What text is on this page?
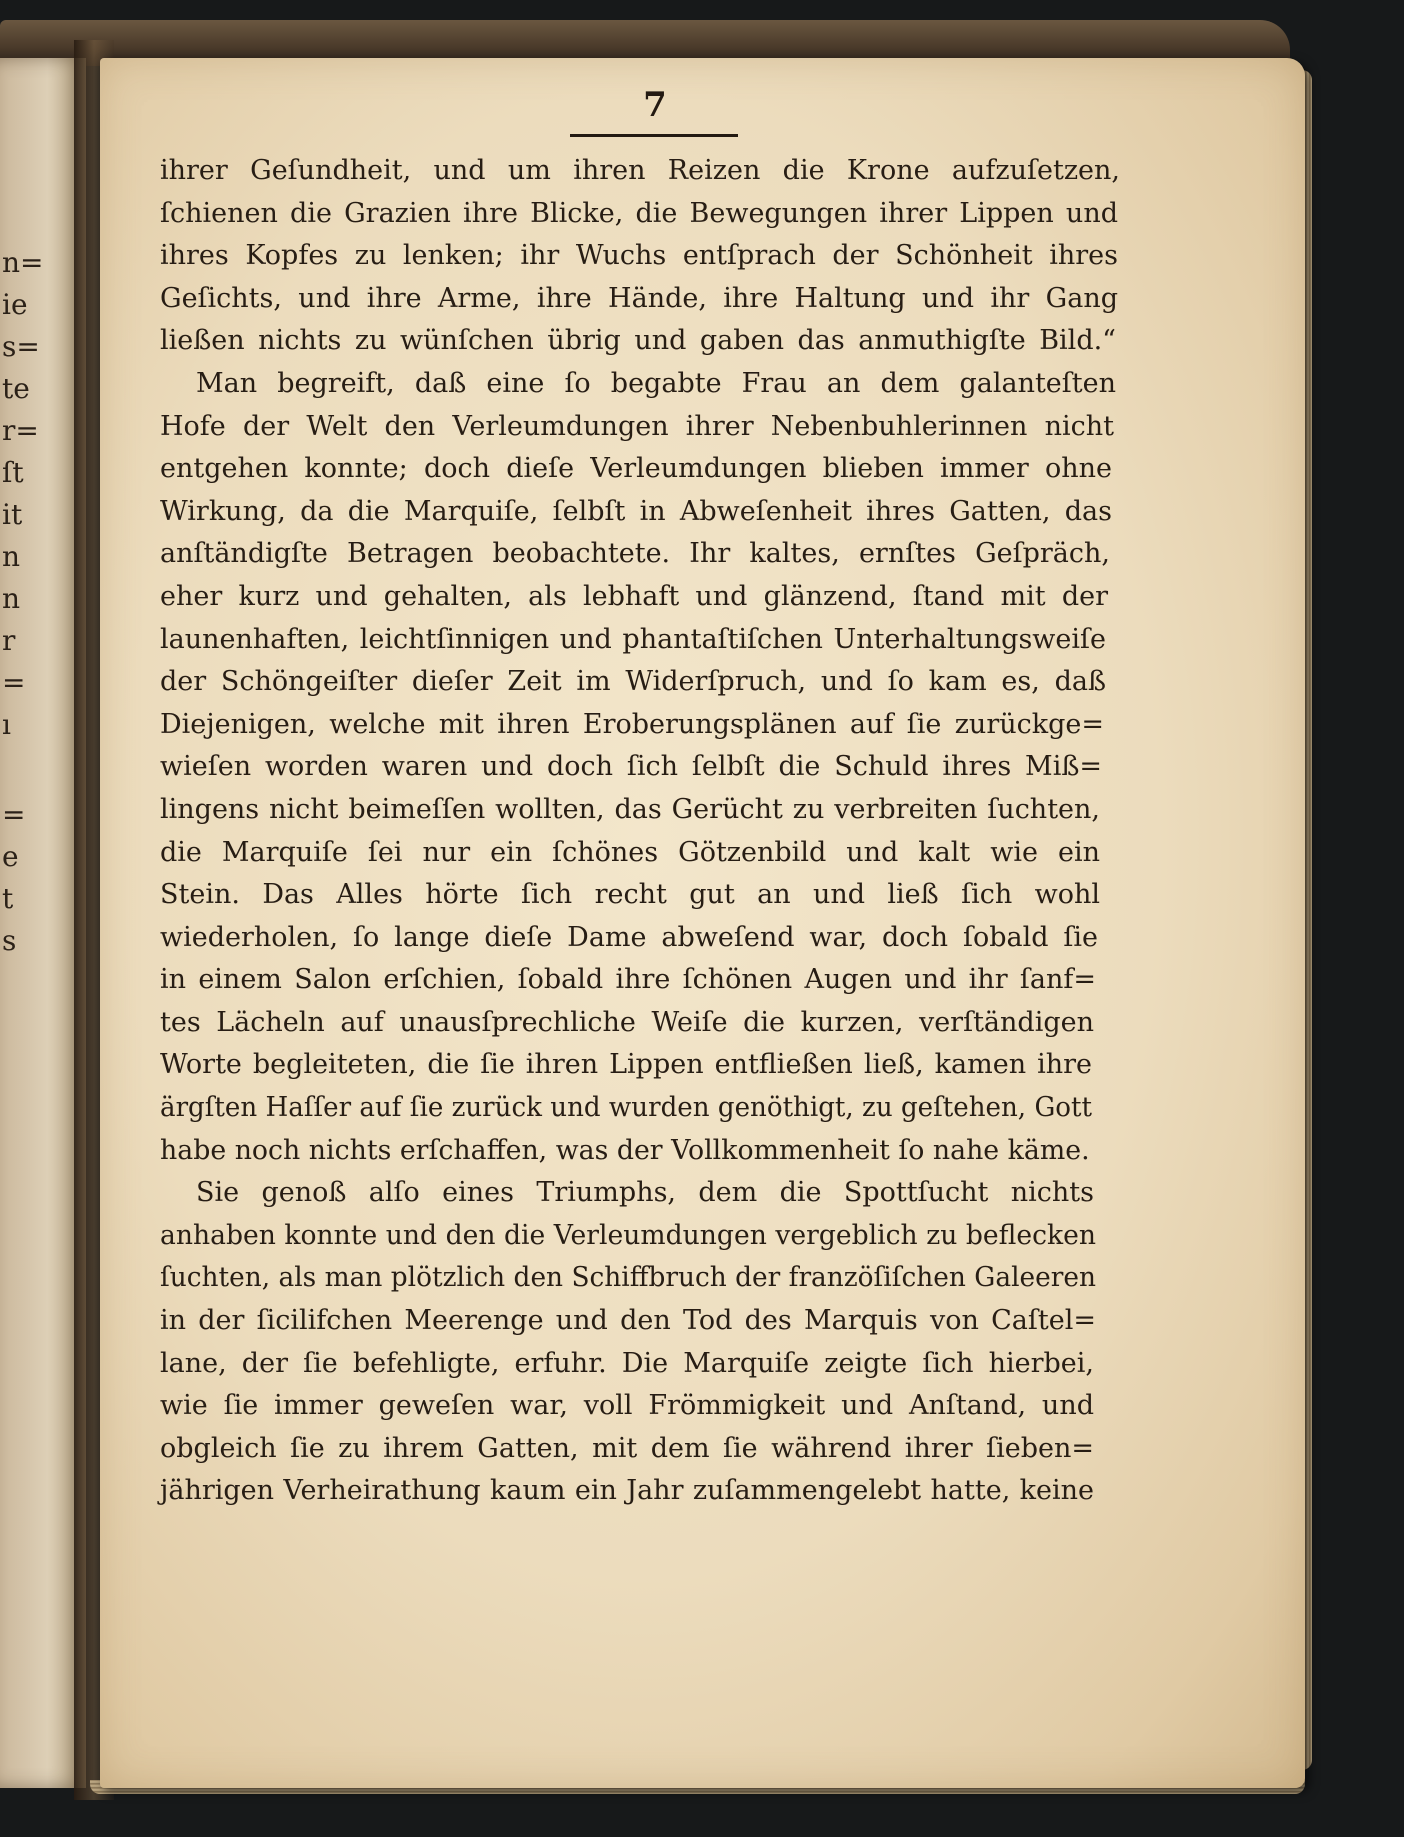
n=
ie
s=
te
r=
ſt
it
n
n
r
=
ı
=
e
t
s
7
ihrer Geſundheit, und um ihren Reizen die Krone aufzuſetzen,
ſchienen die Grazien ihre Blicke, die Bewegungen ihrer Lippen und
ihres Kopfes zu lenken; ihr Wuchs entſprach der Schönheit ihres
Geſichts, und ihre Arme, ihre Hände, ihre Haltung und ihr Gang
ließen nichts zu wünſchen übrig und gaben das anmuthigſte Bild.“
Man begreift, daß eine ſo begabte Frau an dem galanteſten
Hofe der Welt den Verleumdungen ihrer Nebenbuhlerinnen nicht
entgehen konnte; doch dieſe Verleumdungen blieben immer ohne
Wirkung, da die Marquiſe, ſelbſt in Abweſenheit ihres Gatten, das
anſtändigſte Betragen beobachtete. Ihr kaltes, ernſtes Geſpräch,
eher kurz und gehalten, als lebhaft und glänzend, ſtand mit der
launenhaften, leichtſinnigen und phantaſtiſchen Unterhaltungsweiſe
der Schöngeiſter dieſer Zeit im Widerſpruch, und ſo kam es, daß
Diejenigen, welche mit ihren Eroberungsplänen auf ſie zurückge=
wieſen worden waren und doch ſich ſelbſt die Schuld ihres Miß=
lingens nicht beimeſſen wollten, das Gerücht zu verbreiten ſuchten,
die Marquiſe ſei nur ein ſchönes Götzenbild und kalt wie ein
Stein. Das Alles hörte ſich recht gut an und ließ ſich wohl
wiederholen, ſo lange dieſe Dame abweſend war, doch ſobald ſie
in einem Salon erſchien, ſobald ihre ſchönen Augen und ihr ſanf=
tes Lächeln auf unausſprechliche Weiſe die kurzen, verſtändigen
Worte begleiteten, die ſie ihren Lippen entfließen ließ, kamen ihre
ärgſten Haſſer auf ſie zurück und wurden genöthigt, zu geſtehen, Gott
habe noch nichts erſchaffen, was der Vollkommenheit ſo nahe käme.
Sie genoß alſo eines Triumphs, dem die Spottſucht nichts
anhaben konnte und den die Verleumdungen vergeblich zu beflecken
ſuchten, als man plötzlich den Schiffbruch der franzöſiſchen Galeeren
in der ſicilifchen Meerenge und den Tod des Marquis von Caſtel=
lane, der ſie befehligte, erfuhr. Die Marquiſe zeigte ſich hierbei,
wie ſie immer geweſen war, voll Frömmigkeit und Anſtand, und
obgleich ſie zu ihrem Gatten, mit dem ſie während ihrer ſieben=
jährigen Verheirathung kaum ein Jahr zuſammengelebt hatte, keine
